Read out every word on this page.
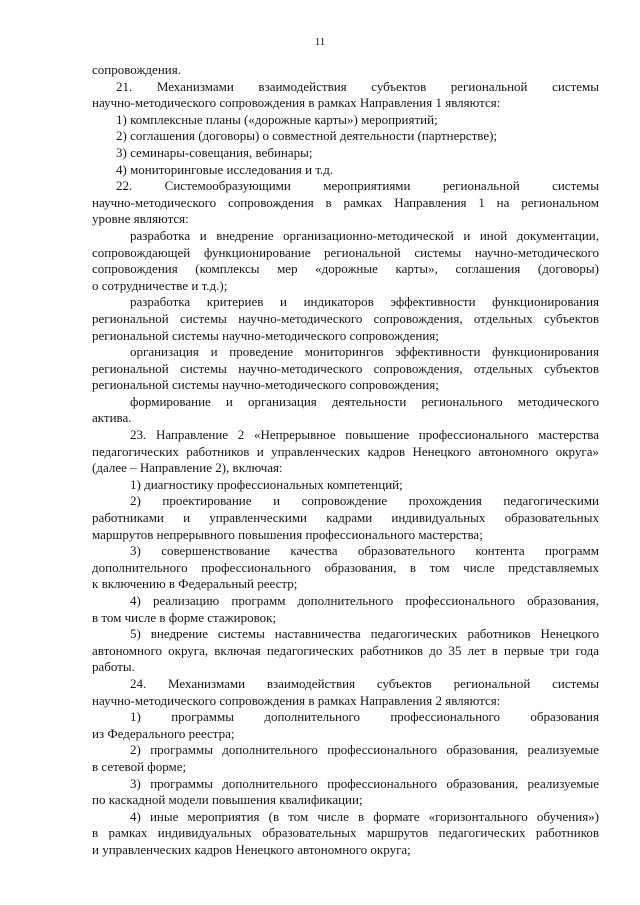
11
сопровождения.
21. Механизмами взаимодействия субъектов региональной системы
научно-методического сопровождения в рамках Направления 1 являются:
1) комплексные планы («дорожные карты») мероприятий;
2) соглашения (договоры) о совместной деятельности (партнерстве);
3) семинары-совещания, вебинары;
4) мониторинговые исследования и т.д.
22. Системообразующими мероприятиями региональной системы
научно-методического сопровождения в рамках Направления 1 на региональном
уровне являются:
разработка и внедрение организационно-методической и иной документации,
сопровождающей функционирование региональной системы научно-методического
сопровождения (комплексы мер «дорожные карты», соглашения (договоры)
о сотрудничестве и т.д.);
разработка критериев и индикаторов эффективности функционирования
региональной системы научно-методического сопровождения, отдельных субъектов
региональной системы научно-методического сопровождения;
организация и проведение мониторингов эффективности функционирования
региональной системы научно-методического сопровождения, отдельных субъектов
региональной системы научно-методического сопровождения;
формирование и организация деятельности регионального методического
актива.
23. Направление 2 «Непрерывное повышение профессионального мастерства
педагогических работников и управленческих кадров Ненецкого автономного округа»
(далее – Направление 2), включая:
1) диагностику профессиональных компетенций;
2) проектирование и сопровождение прохождения педагогическими
работниками и управленческими кадрами индивидуальных образовательных
маршрутов непрерывного повышения профессионального мастерства;
3) совершенствование качества образовательного контента программ
дополнительного профессионального образования, в том числе представляемых
к включению в Федеральный реестр;
4) реализацию программ дополнительного профессионального образования,
в том числе в форме стажировок;
5) внедрение системы наставничества педагогических работников Ненецкого
автономного округа, включая педагогических работников до 35 лет в первые три года
работы.
24. Механизмами взаимодействия субъектов региональной системы
научно-методического сопровождения в рамках Направления 2 являются:
1) программы дополнительного профессионального образования
из Федерального реестра;
2) программы дополнительного профессионального образования, реализуемые
в сетевой форме;
3) программы дополнительного профессионального образования, реализуемые
по каскадной модели повышения квалификации;
4) иные мероприятия (в том числе в формате «горизонтального обучения»)
в рамках индивидуальных образовательных маршрутов педагогических работников
и управленческих кадров Ненецкого автономного округа;
